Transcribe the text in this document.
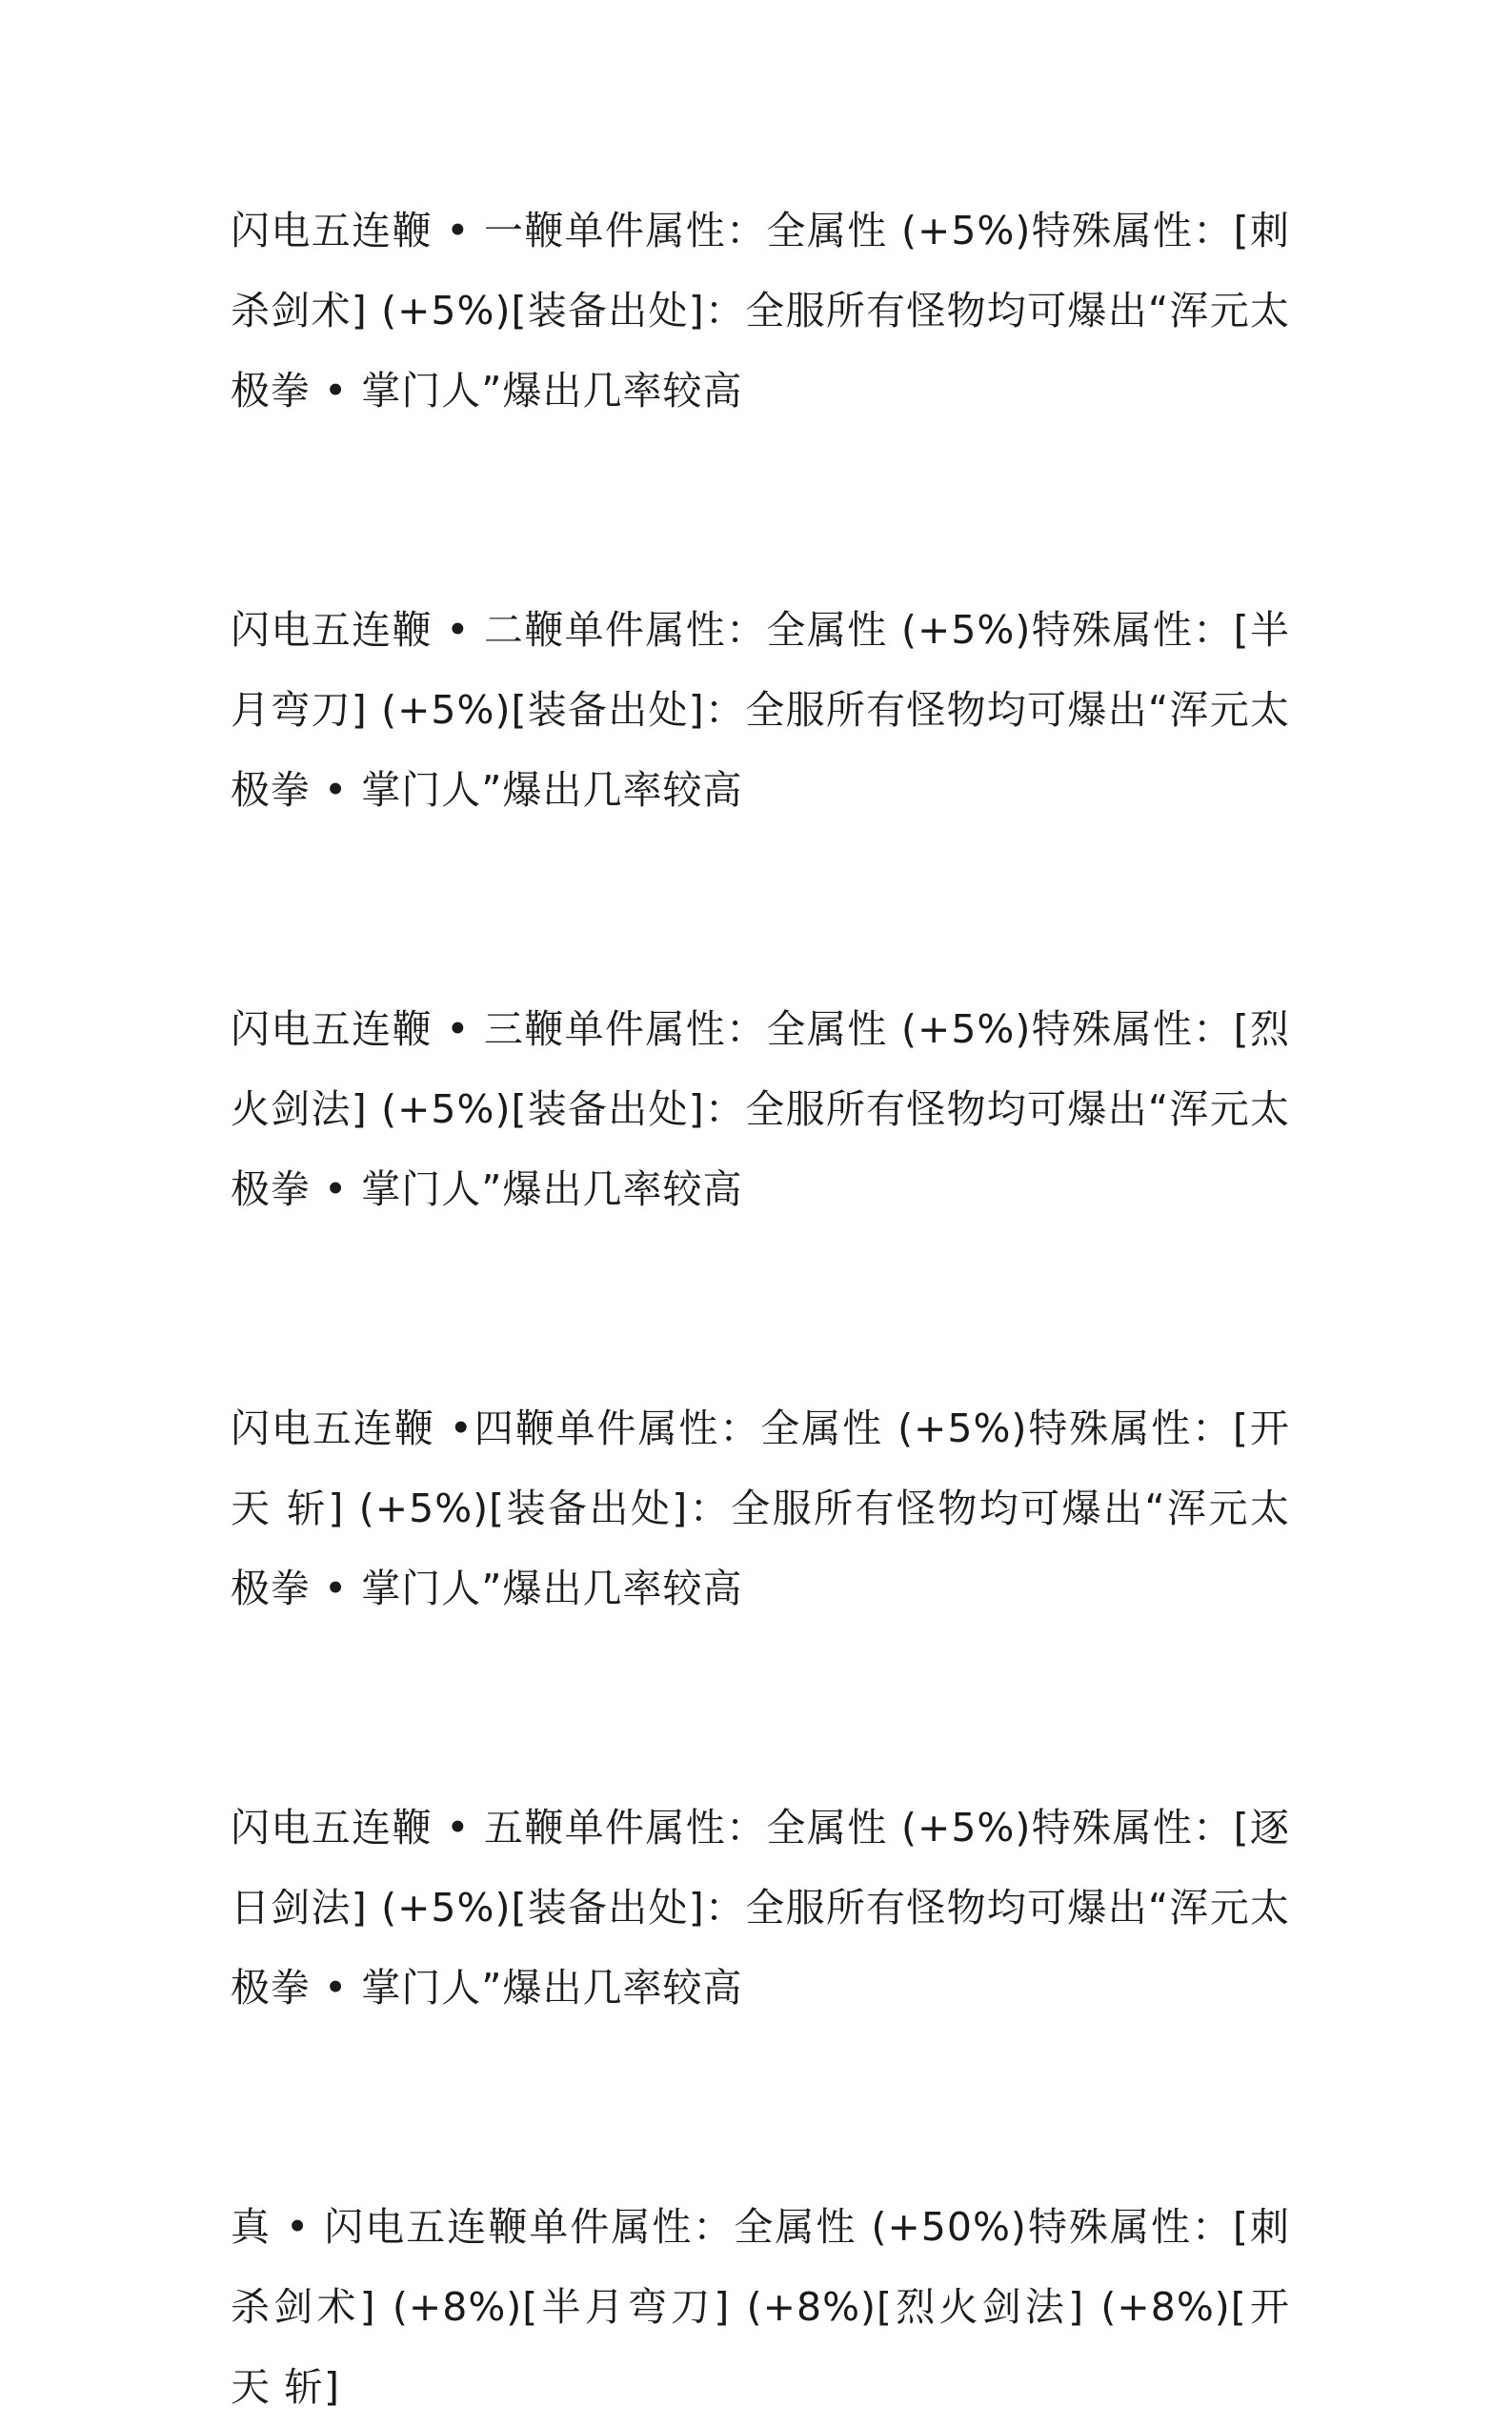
闪电五连鞭 • 一鞭单件属性：全属性 (+5%)特殊属性：[刺杀剑术] (+5%)[装备出处]：全服所有怪物均可爆出“浑元太极拳 • 掌门人”爆出几率较高

闪电五连鞭 • 二鞭单件属性：全属性 (+5%)特殊属性：[半月弯刀] (+5%)[装备出处]：全服所有怪物均可爆出“浑元太极拳 • 掌门人”爆出几率较高

闪电五连鞭 • 三鞭单件属性：全属性 (+5%)特殊属性：[烈火剑法] (+5%)[装备出处]：全服所有怪物均可爆出“浑元太极拳 • 掌门人”爆出几率较高

闪电五连鞭 •四鞭单件属性：全属性 (+5%)特殊属性：[开 天 斩] (+5%)[装备出处]：全服所有怪物均可爆出“浑元太极拳 • 掌门人”爆出几率较高

闪电五连鞭 • 五鞭单件属性：全属性 (+5%)特殊属性：[逐日剑法] (+5%)[装备出处]：全服所有怪物均可爆出“浑元太极拳 • 掌门人”爆出几率较高

真 • 闪电五连鞭单件属性：全属性 (+50%)特殊属性：[刺杀剑术] (+8%)[半月弯刀] (+8%)[烈火剑法] (+8%)[开 天 斩]
